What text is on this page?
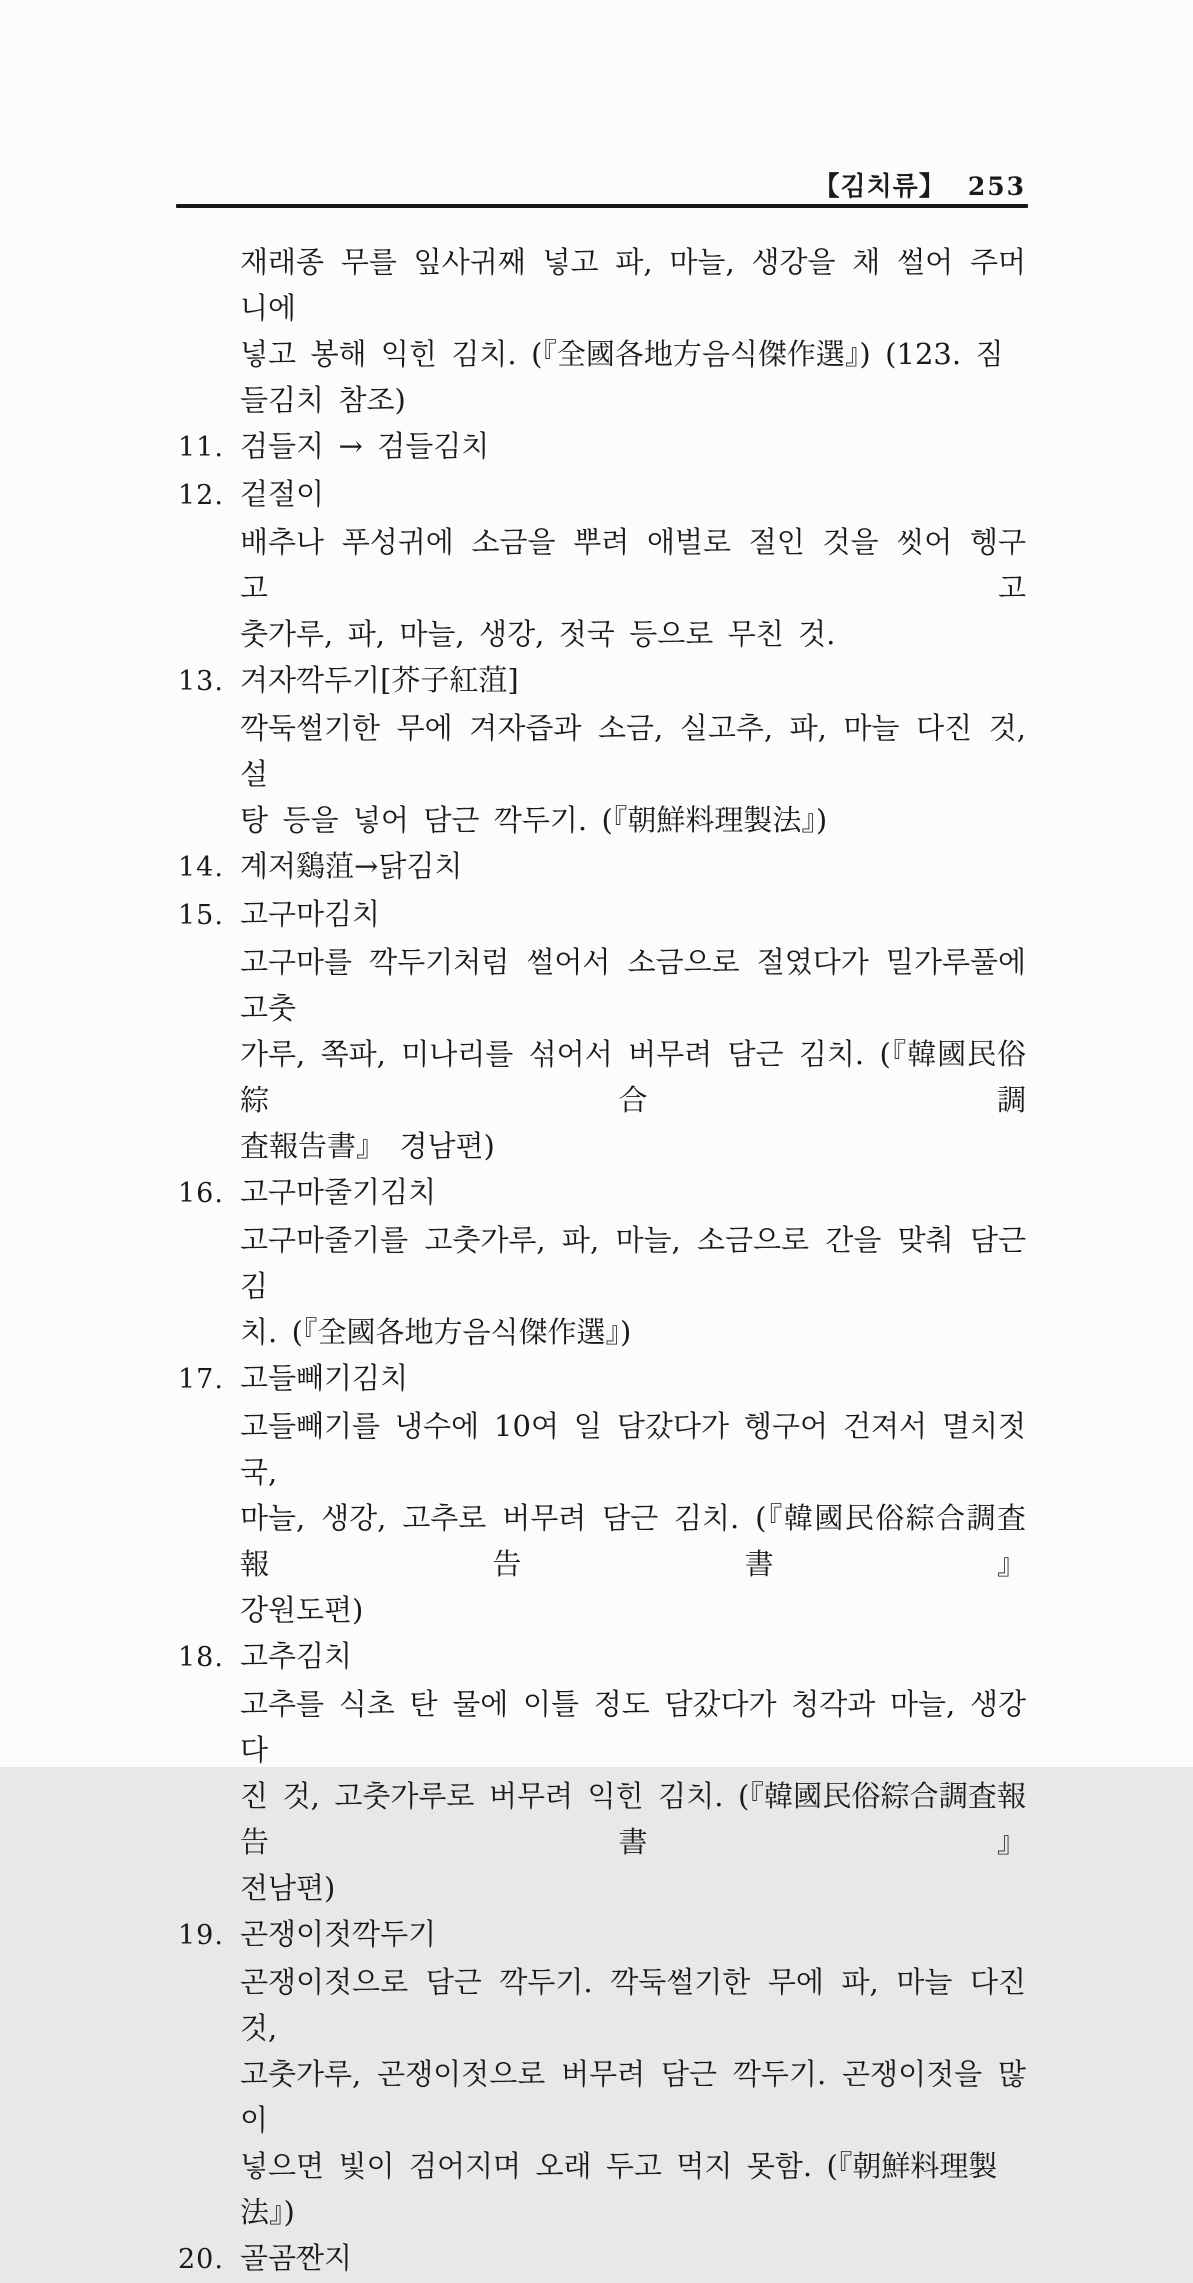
【김치류】 253
재래종 무를 잎사귀째 넣고 파, 마늘, 생강을 채 썰어 주머니에
넣고 봉해 익힌 김치. (『全國各地方음식傑作選』) (123. 짐들김치 참조)
11. 검들지 → 검들김치
12. 겉절이
배추나 푸성귀에 소금을 뿌려 애벌로 절인 것을 씻어 헹구고 고
춧가루, 파, 마늘, 생강, 젓국 등으로 무친 것.
13. 겨자깍두기[芥子紅菹]
깍둑썰기한 무에 겨자즙과 소금, 실고추, 파, 마늘 다진 것, 설
탕 등을 넣어 담근 깍두기. (『朝鮮料理製法』)
14. 계저鷄菹→닭김치
15. 고구마김치
고구마를 깍두기처럼 썰어서 소금으로 절였다가 밀가루풀에 고춧
가루, 쪽파, 미나리를 섞어서 버무려 담근 김치. (『韓國民俗綜合調
査報告書』 경남편)
16. 고구마줄기김치
고구마줄기를 고춧가루, 파, 마늘, 소금으로 간을 맞춰 담근 김
치. (『全國各地方음식傑作選』)
17. 고들빼기김치
고들빼기를 냉수에 10여 일 담갔다가 헹구어 건져서 멸치젓국,
마늘, 생강, 고추로 버무려 담근 김치. (『韓國民俗綜合調査報告書』
강원도편)
18. 고추김치
고추를 식초 탄 물에 이틀 정도 담갔다가 청각과 마늘, 생강 다
진 것, 고춧가루로 버무려 익힌 김치. (『韓國民俗綜合調査報告書』
전남편)
19. 곤쟁이젓깍두기
곤쟁이젓으로 담근 깍두기. 깍둑썰기한 무에 파, 마늘 다진 것,
고춧가루, 곤쟁이젓으로 버무려 담근 깍두기. 곤쟁이젓을 많이
넣으면 빛이 검어지며 오래 두고 먹지 못함. (『朝鮮料理製法』)
20. 골곰짠지
